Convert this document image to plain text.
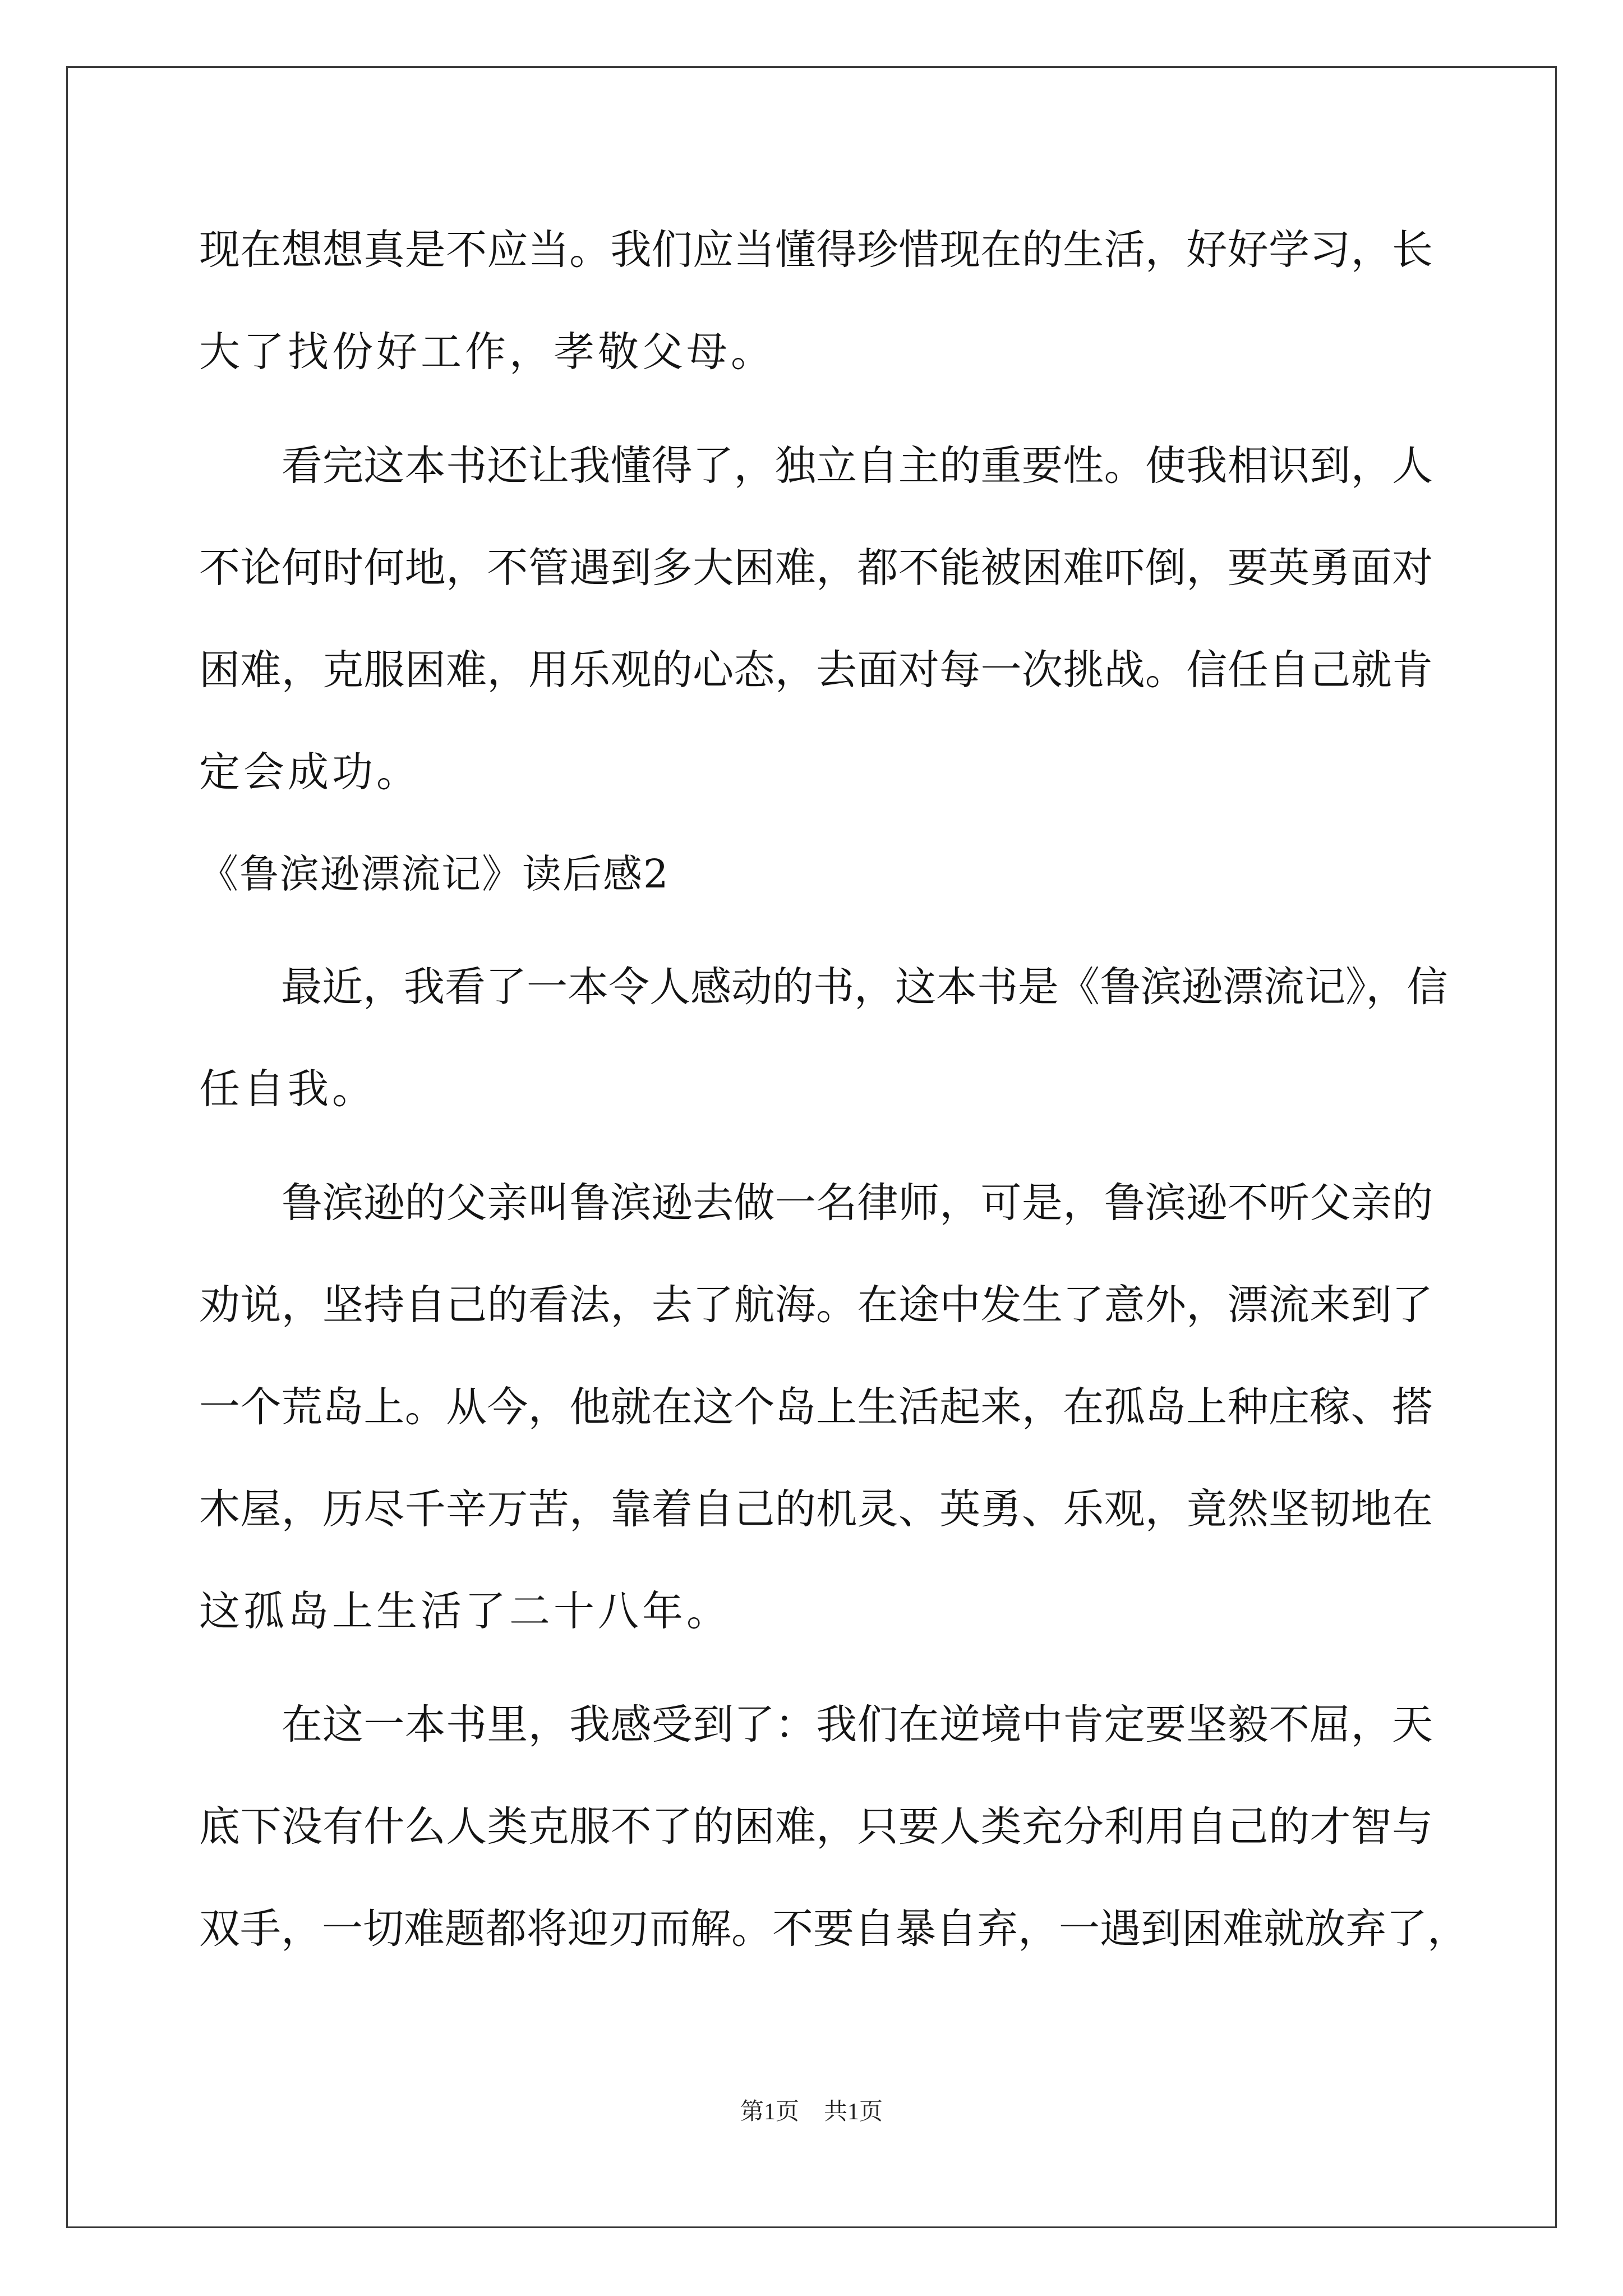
现在想想真是不应当。我们应当懂得珍惜现在的生活，好好学习，长
大了找份好工作，孝敬父母。
　　看完这本书还让我懂得了，独立自主的重要性。使我相识到，人
不论何时何地，不管遇到多大困难，都不能被困难吓倒，要英勇面对
困难，克服困难，用乐观的心态，去面对每一次挑战。信任自己就肯
定会成功。
《鲁滨逊漂流记》读后感2
　　最近，我看了一本令人感动的书，这本书是《鲁滨逊漂流记》，信
任自我。
　　鲁滨逊的父亲叫鲁滨逊去做一名律师，可是，鲁滨逊不听父亲的
劝说，坚持自己的看法，去了航海。在途中发生了意外，漂流来到了
一个荒岛上。从今，他就在这个岛上生活起来，在孤岛上种庄稼、搭
木屋，历尽千辛万苦，靠着自己的机灵、英勇、乐观，竟然坚韧地在
这孤岛上生活了二十八年。
　　在这一本书里，我感受到了：我们在逆境中肯定要坚毅不屈，天
底下没有什么人类克服不了的困难，只要人类充分利用自己的才智与
双手，一切难题都将迎刃而解。不要自暴自弃，一遇到困难就放弃了，
第1页 共1页
